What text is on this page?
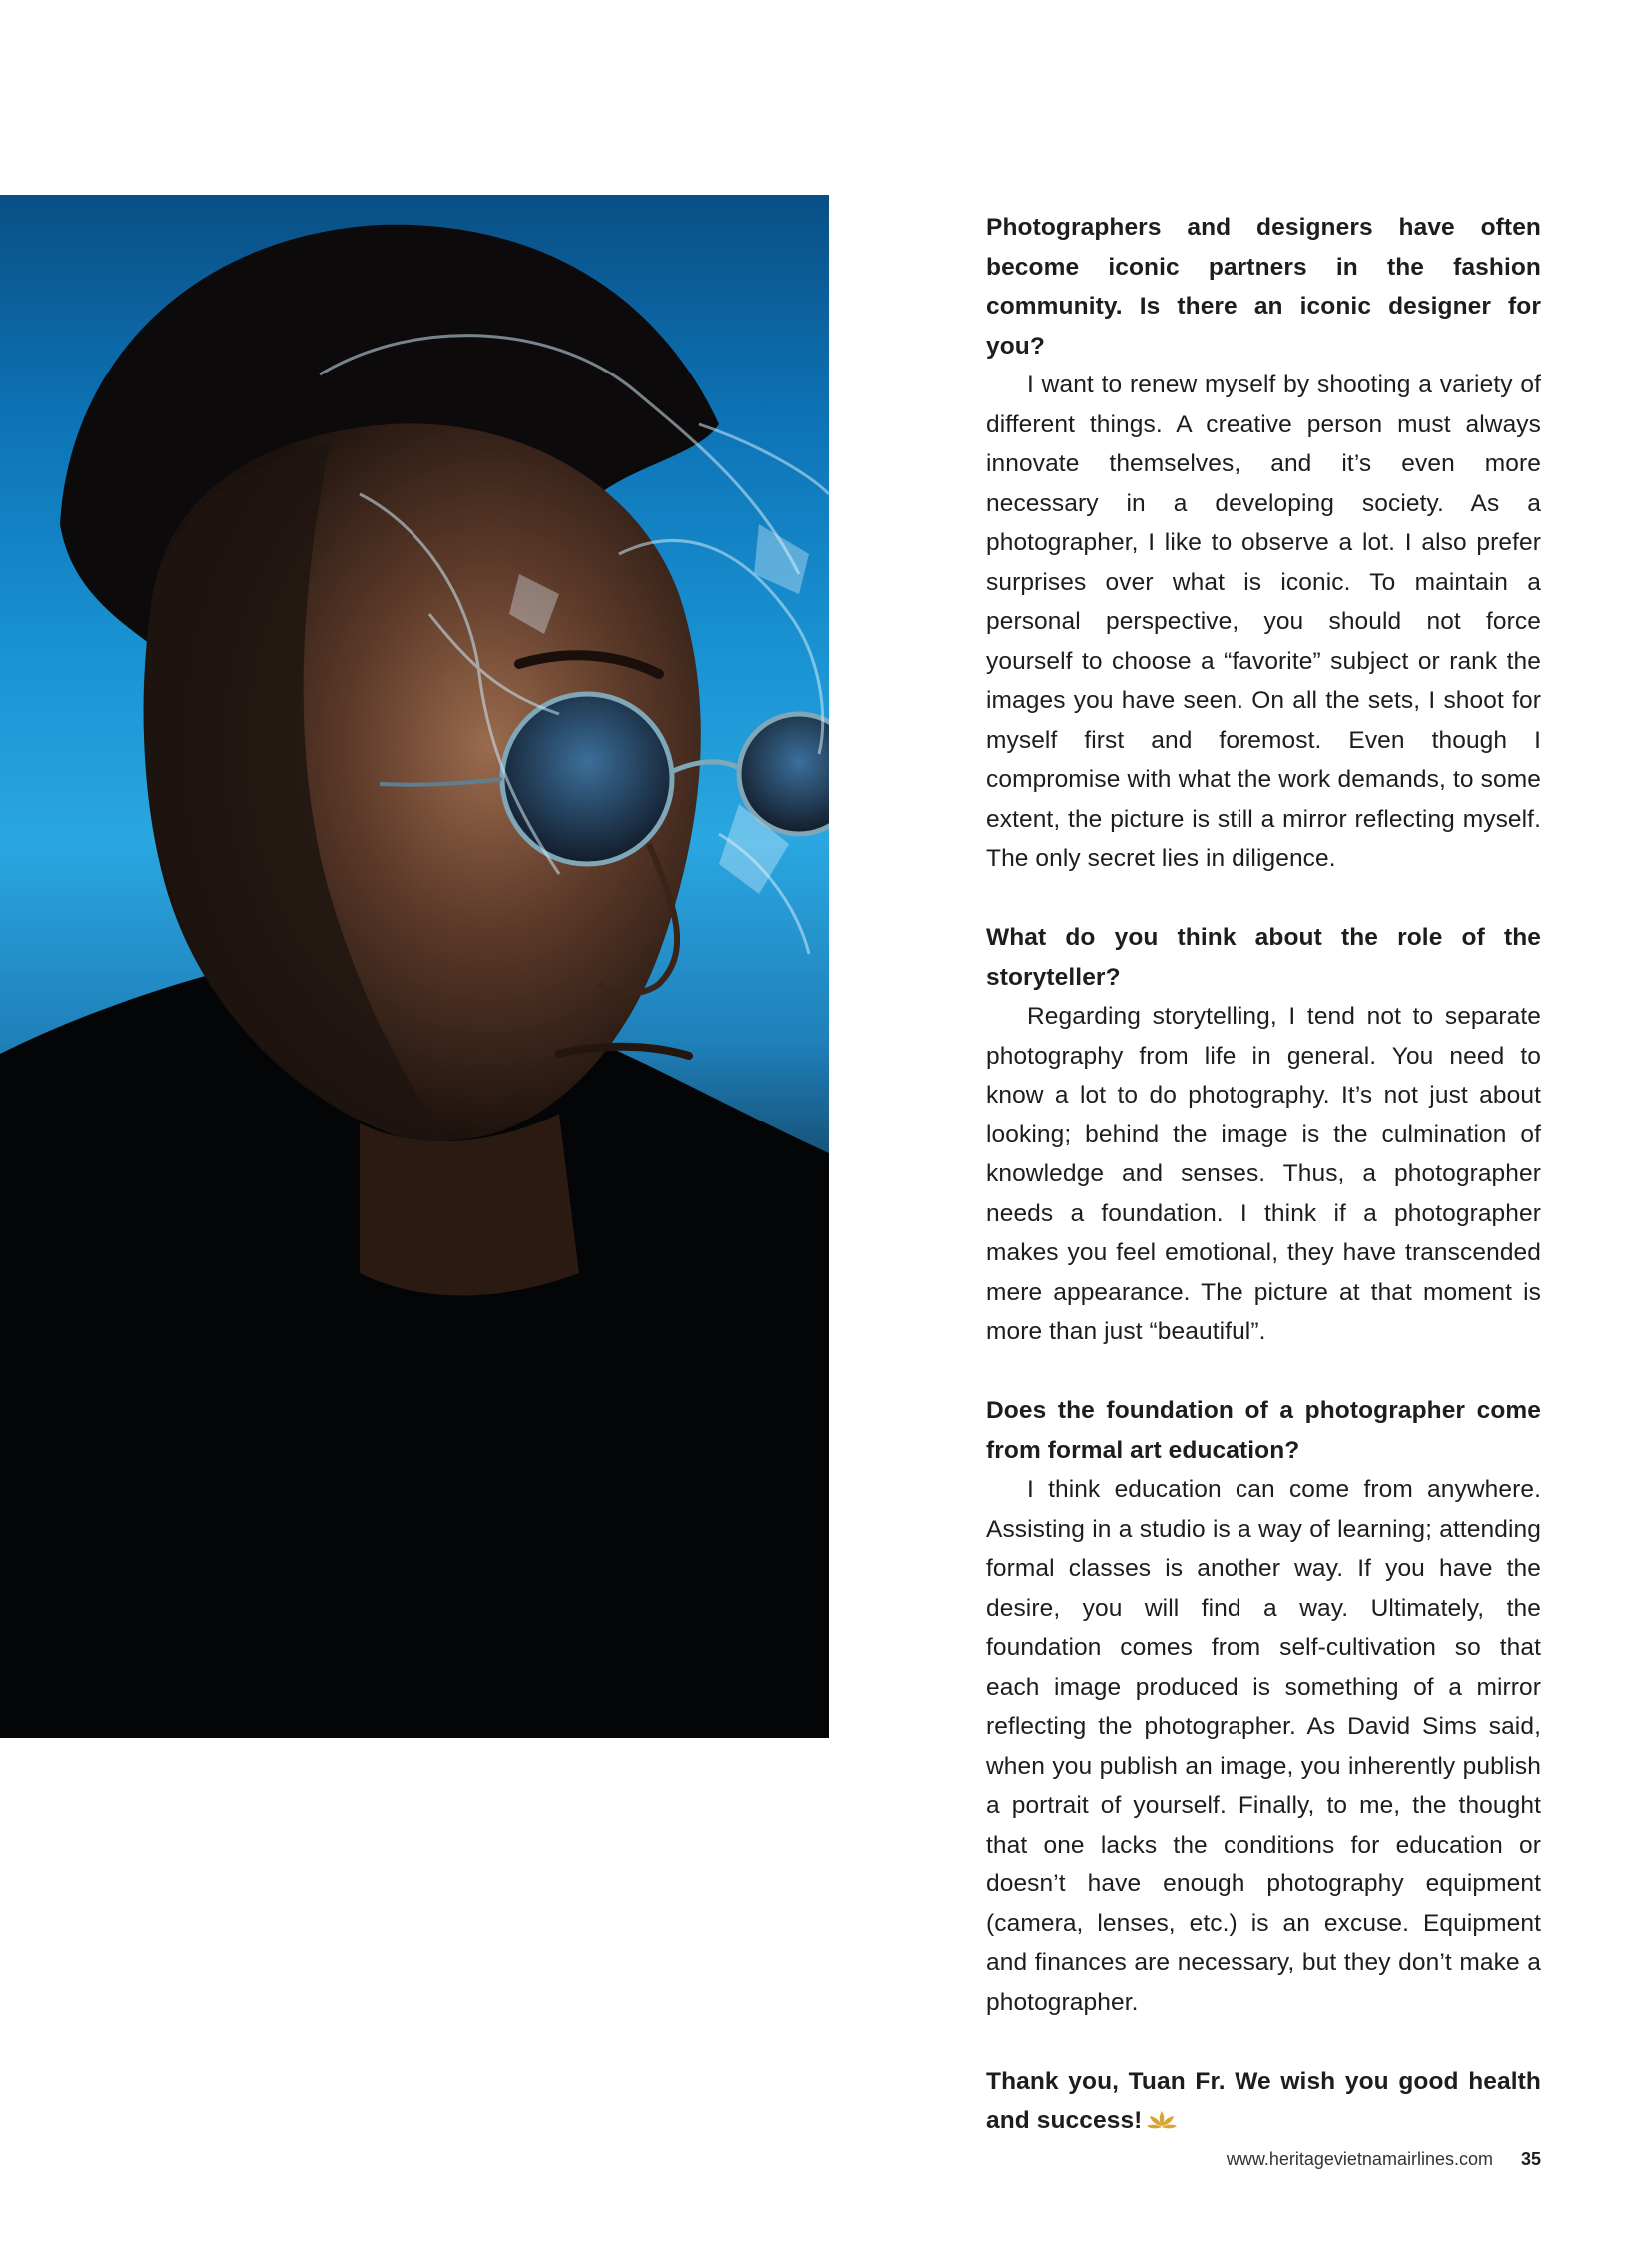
Photographers and designers have often become iconic partners in the fashion community. Is there an iconic designer for you?

I want to renew myself by shooting a variety of different things. A creative person must always innovate themselves, and it’s even more necessary in a developing society. As a photographer, I like to observe a lot. I also prefer surprises over what is iconic. To maintain a personal perspective, you should not force yourself to choose a “favorite” subject or rank the images you have seen. On all the sets, I shoot for myself first and foremost. Even though I compromise with what the work demands, to some extent, the picture is still a mirror reflecting myself. The only secret lies in diligence.

What do you think about the role of the storyteller?

Regarding storytelling, I tend not to separate photography from life in general. You need to know a lot to do photography. It’s not just about looking; behind the image is the culmination of knowledge and senses. Thus, a photographer needs a foundation. I think if a photographer makes you feel emotional, they have transcended mere appearance. The picture at that moment is more than just “beautiful”.

Does the foundation of a photographer come from formal art education?

I think education can come from anywhere. Assisting in a studio is a way of learning; attending formal classes is another way. If you have the desire, you will find a way. Ultimately, the foundation comes from self-cultivation so that each image produced is something of a mirror reflecting the photographer. As David Sims said, when you publish an image, you inherently publish a portrait of yourself. Finally, to me, the thought that one lacks the conditions for education or doesn’t have enough photography equipment (camera, lenses, etc.) is an excuse. Equipment and finances are necessary, but they don’t make a photographer.

Thank you, Tuan Fr. We wish you good health and success!

www.heritagevietnamairlines.com 35
